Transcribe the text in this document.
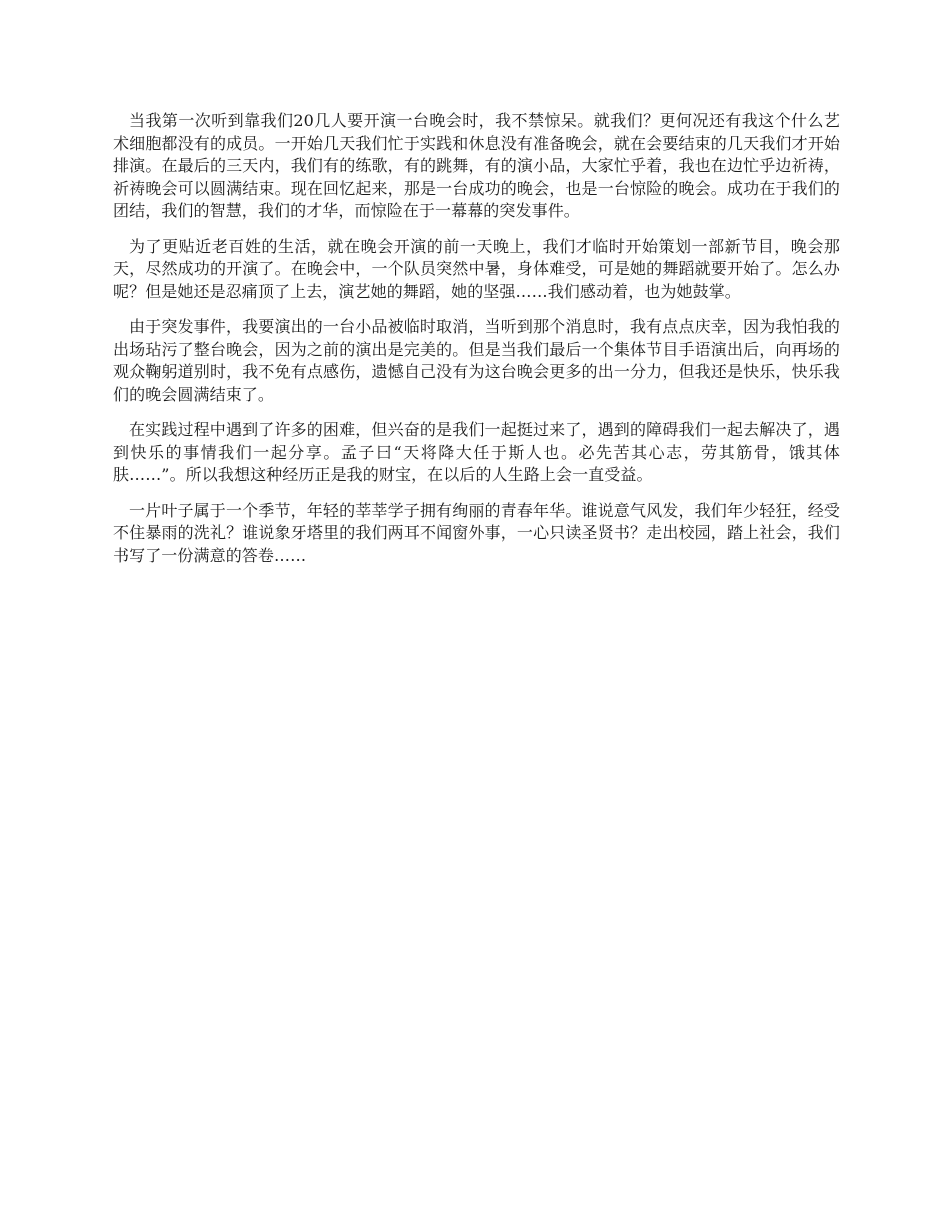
当我第一次听到靠我们20几人要开演一台晚会时，我不禁惊呆。就我们？更何况还有我这个什么艺术细胞都没有的成员。一开始几天我们忙于实践和休息没有准备晚会，就在会要结束的几天我们才开始排演。在最后的三天内，我们有的练歌，有的跳舞，有的演小品，大家忙乎着，我也在边忙乎边祈祷，祈祷晚会可以圆满结束。现在回忆起来，那是一台成功的晚会，也是一台惊险的晚会。成功在于我们的团结，我们的智慧，我们的才华，而惊险在于一幕幕的突发事件。

为了更贴近老百姓的生活，就在晚会开演的前一天晚上，我们才临时开始策划一部新节目，晚会那天，尽然成功的开演了。在晚会中，一个队员突然中暑，身体难受，可是她的舞蹈就要开始了。怎么办呢？但是她还是忍痛顶了上去，演艺她的舞蹈，她的坚强……我们感动着，也为她鼓掌。

由于突发事件，我要演出的一台小品被临时取消，当听到那个消息时，我有点点庆幸，因为我怕我的出场玷污了整台晚会，因为之前的演出是完美的。但是当我们最后一个集体节目手语演出后，向再场的观众鞠躬道别时，我不免有点感伤，遗憾自己没有为这台晚会更多的出一分力，但我还是快乐，快乐我们的晚会圆满结束了。

在实践过程中遇到了许多的困难，但兴奋的是我们一起挺过来了，遇到的障碍我们一起去解决了，遇到快乐的事情我们一起分享。孟子曰“天将降大任于斯人也。必先苦其心志，劳其筋骨，饿其体肤……”。所以我想这种经历正是我的财宝，在以后的人生路上会一直受益。

一片叶子属于一个季节，年轻的莘莘学子拥有绚丽的青春年华。谁说意气风发，我们年少轻狂，经受不住暴雨的洗礼？谁说象牙塔里的我们两耳不闻窗外事，一心只读圣贤书？走出校园，踏上社会，我们书写了一份满意的答卷……
